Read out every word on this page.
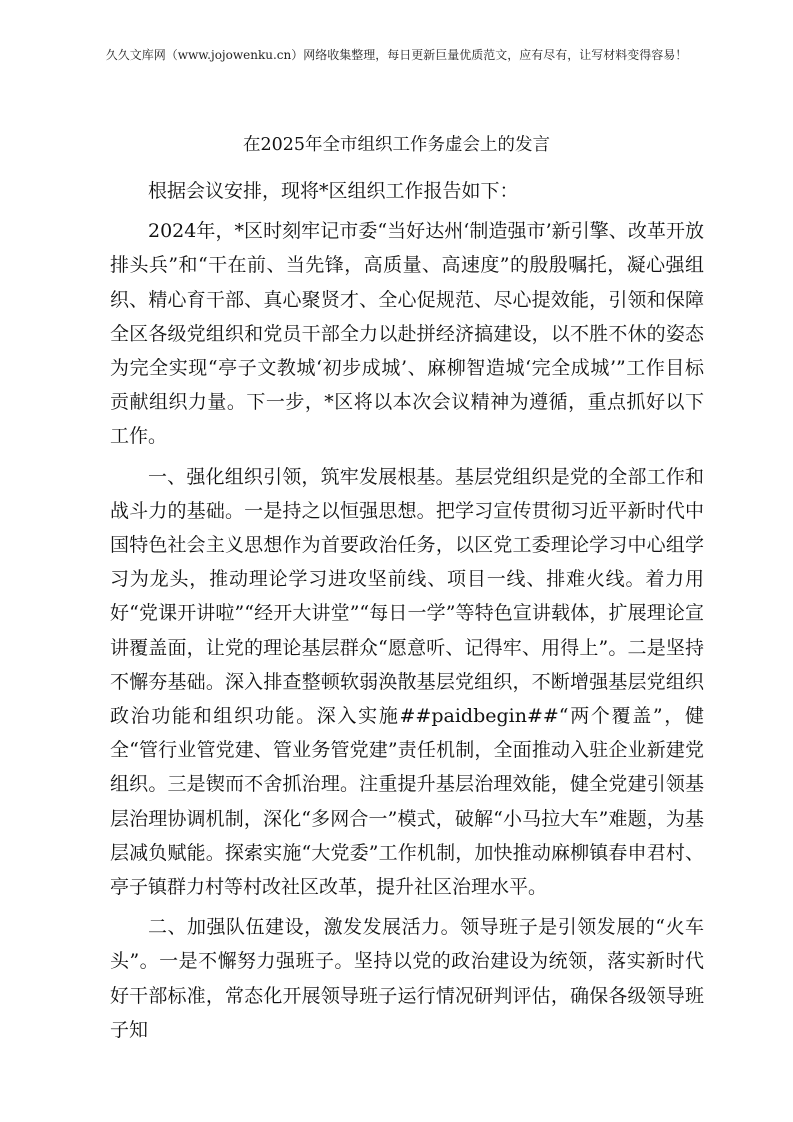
久久文库网（www.jojowenku.cn）网络收集整理，每日更新巨量优质范文，应有尽有，让写材料变得容易！
在2025年全市组织工作务虚会上的发言

根据会议安排，现将*区组织工作报告如下：

2024年，*区时刻牢记市委“当好达州‘制造强市’新引擎、改革开放排头兵”和“干在前、当先锋，高质量、高速度”的殷殷嘱托，凝心强组织、精心育干部、真心聚贤才、全心促规范、尽心提效能，引领和保障全区各级党组织和党员干部全力以赴拼经济搞建设，以不胜不休的姿态为完全实现“亭子文教城‘初步成城’、麻柳智造城‘完全成城’”工作目标贡献组织力量。下一步，*区将以本次会议精神为遵循，重点抓好以下工作。

一、强化组织引领，筑牢发展根基。基层党组织是党的全部工作和战斗力的基础。一是持之以恒强思想。把学习宣传贯彻习近平新时代中国特色社会主义思想作为首要政治任务，以区党工委理论学习中心组学习为龙头，推动理论学习进攻坚前线、项目一线、排难火线。着力用好“党课开讲啦”“经开大讲堂”“每日一学”等特色宣讲载体，扩展理论宣讲覆盖面，让党的理论基层群众“愿意听、记得牢、用得上”。二是坚持不懈夯基础。深入排查整顿软弱涣散基层党组织，不断增强基层党组织政治功能和组织功能。深入实施##paidbegin##“两个覆盖”，健全“管行业管党建、管业务管党建”责任机制，全面推动入驻企业新建党组织。三是锲而不舍抓治理。注重提升基层治理效能，健全党建引领基层治理协调机制，深化“多网合一”模式，破解“小马拉大车”难题，为基层减负赋能。探索实施“大党委”工作机制，加快推动麻柳镇春申君村、亭子镇群力村等村改社区改革，提升社区治理水平。

二、加强队伍建设，激发发展活力。领导班子是引领发展的“火车头”。一是不懈努力强班子。坚持以党的政治建设为统领，落实新时代好干部标准，常态化开展领导班子运行情况研判评估，确保各级领导班子知
